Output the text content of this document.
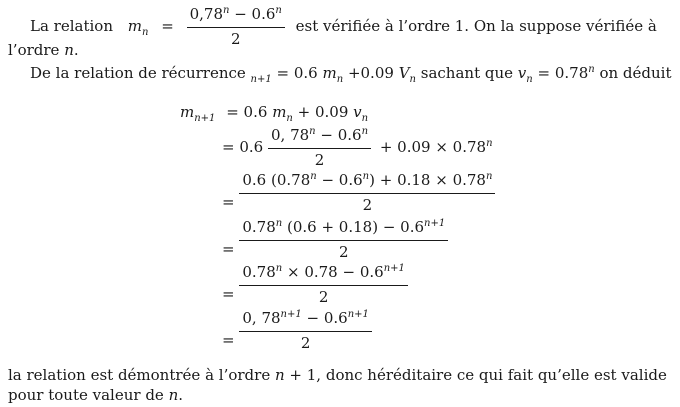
La relation $m_n = \frac{0,78^n - 0.6^n}{2}$ est vérifiée à l’ordre 1. On la suppose vérifiée à
l’ordre n.
De la relation de récurrence $_{n+1}$ = 0.6 $m_n +0.09$ $V_n$ sachant que $v_n = 0.78^n$ on déduit
$m_{n+1} = 0.6$ $m_n + 0.09$ $v_n$
= $0.6 \frac{0, 78^n - 0.6^n}{2} + 0.09 \times 0.78^n$
= $\frac{0.6 (0.78^n - 0.6^n) + 0.18 \times 0.78^n}{2}$
= $\frac{0.78^n (0.6 + 0.18) - 0.6^{n+1}}{2}$
= $\frac{0.78^n \times 0.78 - 0.6^{n+1}}{2}$
= $\frac{0, 78^{n+1} - 0.6^{n+1}}{2}$
la relation est démontrée à l’ordre n + 1, donc héréditaire ce qui fait qu’elle est valide
pour toute valeur de n.
